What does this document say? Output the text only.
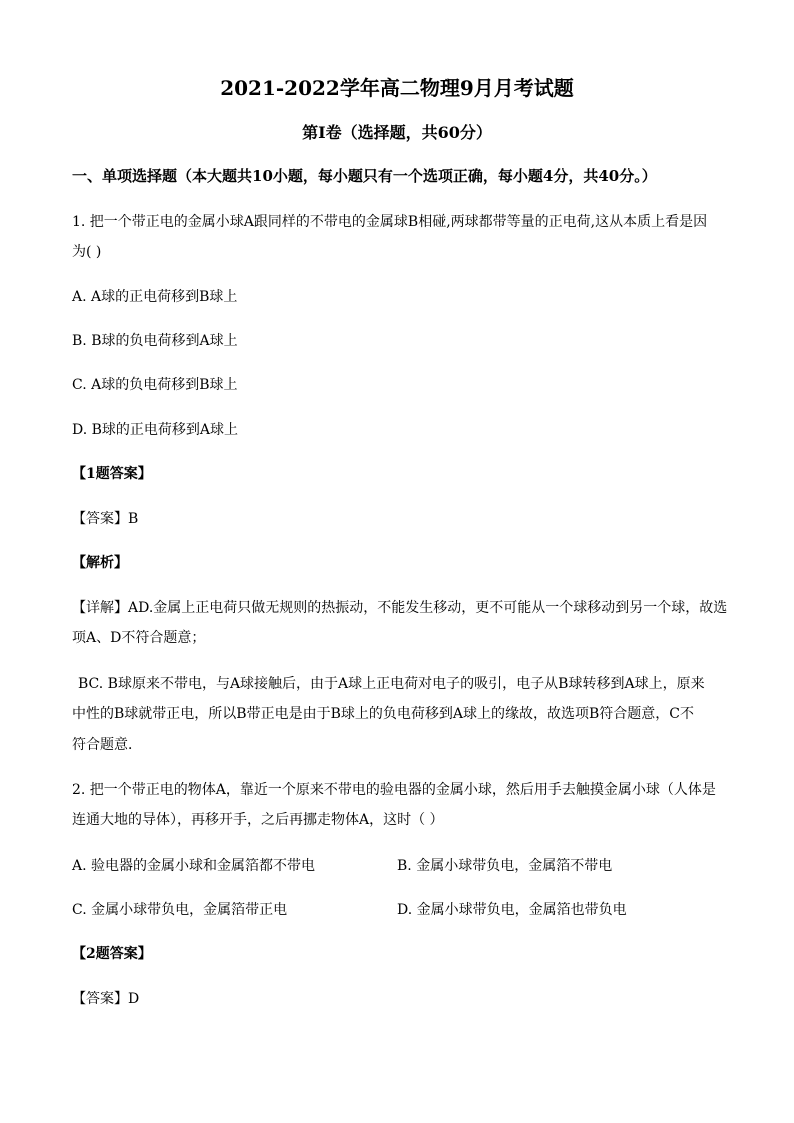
2021-2022学年高二物理9月月考试题
第I卷（选择题，共60分）
一、单项选择题（本大题共10小题，每小题只有一个选项正确，每小题4分，共40分。）
1. 把一个带正电的金属小球A跟同样的不带电的金属球B相碰,两球都带等量的正电荷,这从本质上看是因
为( )
A. A球的正电荷移到B球上
B. B球的负电荷移到A球上
C. A球的负电荷移到B球上
D. B球的正电荷移到A球上
【1题答案】
【答案】B
【解析】
【详解】AD.金属上正电荷只做无规则的热振动，不能发生移动，更不可能从一个球移动到另一个球，故选
项A、D不符合题意；
BC. B球原来不带电，与A球接触后，由于A球上正电荷对电子的吸引，电子从B球转移到A球上，原来
中性的B球就带正电，所以B带正电是由于B球上的负电荷移到A球上的缘故，故选项B符合题意，C不
符合题意．
2. 把一个带正电的物体A，靠近一个原来不带电的验电器的金属小球，然后用手去触摸金属小球（人体是
连通大地的导体），再移开手，之后再挪走物体A，这时（ ）
A. 验电器的金属小球和金属箔都不带电	B. 金属小球带负电，金属箔不带电
C. 金属小球带负电，金属箔带正电	D. 金属小球带负电，金属箔也带负电
【2题答案】
【答案】D
